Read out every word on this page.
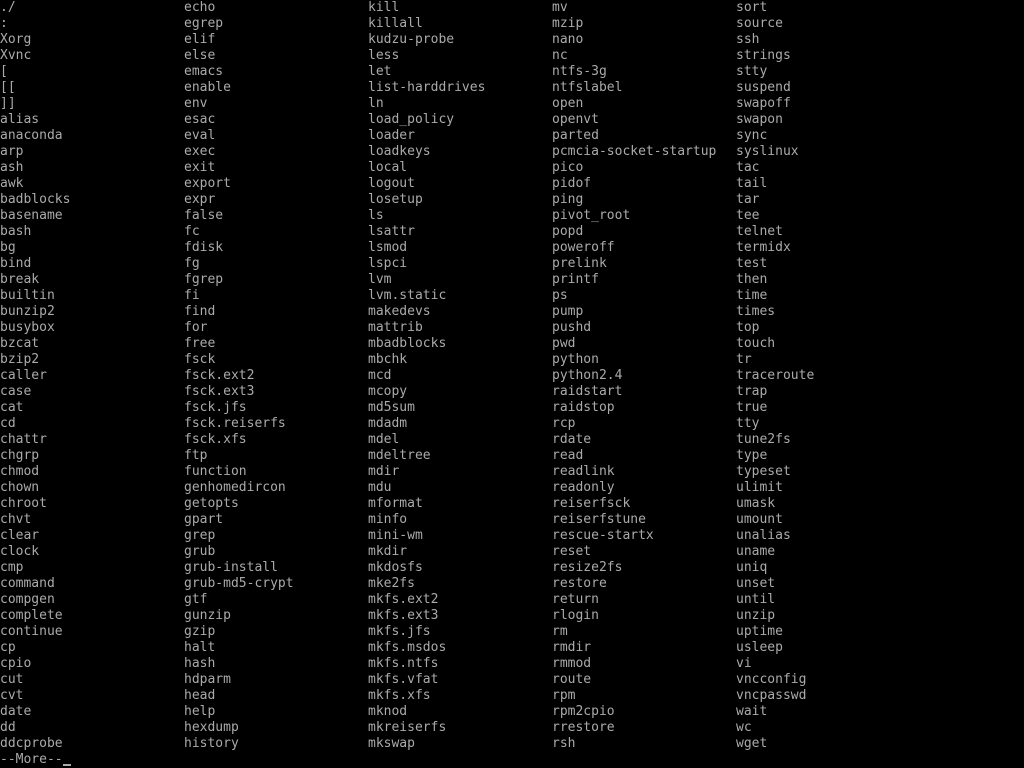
./
:
Xorg
Xvnc
[
[[
]]
alias
anaconda
arp
ash
awk
badblocks
basename
bash
bg
bind
break
builtin
bunzip2
busybox
bzcat
bzip2
caller
case
cat
cd
chattr
chgrp
chmod
chown
chroot
chvt
clear
clock
cmp
command
compgen
complete
continue
cp
cpio
cut
cvt
date
dd
ddcprobe
echo
egrep
elif
else
emacs
enable
env
esac
eval
exec
exit
export
expr
false
fc
fdisk
fg
fgrep
fi
find
for
free
fsck
fsck.ext2
fsck.ext3
fsck.jfs
fsck.reiserfs
fsck.xfs
ftp
function
genhomedircon
getopts
gpart
grep
grub
grub-install
grub-md5-crypt
gtf
gunzip
gzip
halt
hash
hdparm
head
help
hexdump
history
kill
killall
kudzu-probe
less
let
list-harddrives
ln
load_policy
loader
loadkeys
local
logout
losetup
ls
lsattr
lsmod
lspci
lvm
lvm.static
makedevs
mattrib
mbadblocks
mbchk
mcd
mcopy
md5sum
mdadm
mdel
mdeltree
mdir
mdu
mformat
minfo
mini-wm
mkdir
mkdosfs
mke2fs
mkfs.ext2
mkfs.ext3
mkfs.jfs
mkfs.msdos
mkfs.ntfs
mkfs.vfat
mkfs.xfs
mknod
mkreiserfs
mkswap
mv
mzip
nano
nc
ntfs-3g
ntfslabel
open
openvt
parted
pcmcia-socket-startup
pico
pidof
ping
pivot_root
popd
poweroff
prelink
printf
ps
pump
pushd
pwd
python
python2.4
raidstart
raidstop
rcp
rdate
read
readlink
readonly
reiserfsck
reiserfstune
rescue-startx
reset
resize2fs
restore
return
rlogin
rm
rmdir
rmmod
route
rpm
rpm2cpio
rrestore
rsh
sort
source
ssh
strings
stty
suspend
swapoff
swapon
sync
syslinux
tac
tail
tar
tee
telnet
termidx
test
then
time
times
top
touch
tr
traceroute
trap
true
tty
tune2fs
type
typeset
ulimit
umask
umount
unalias
uname
uniq
unset
until
unzip
uptime
usleep
vi
vncconfig
vncpasswd
wait
wc
wget
--More--
